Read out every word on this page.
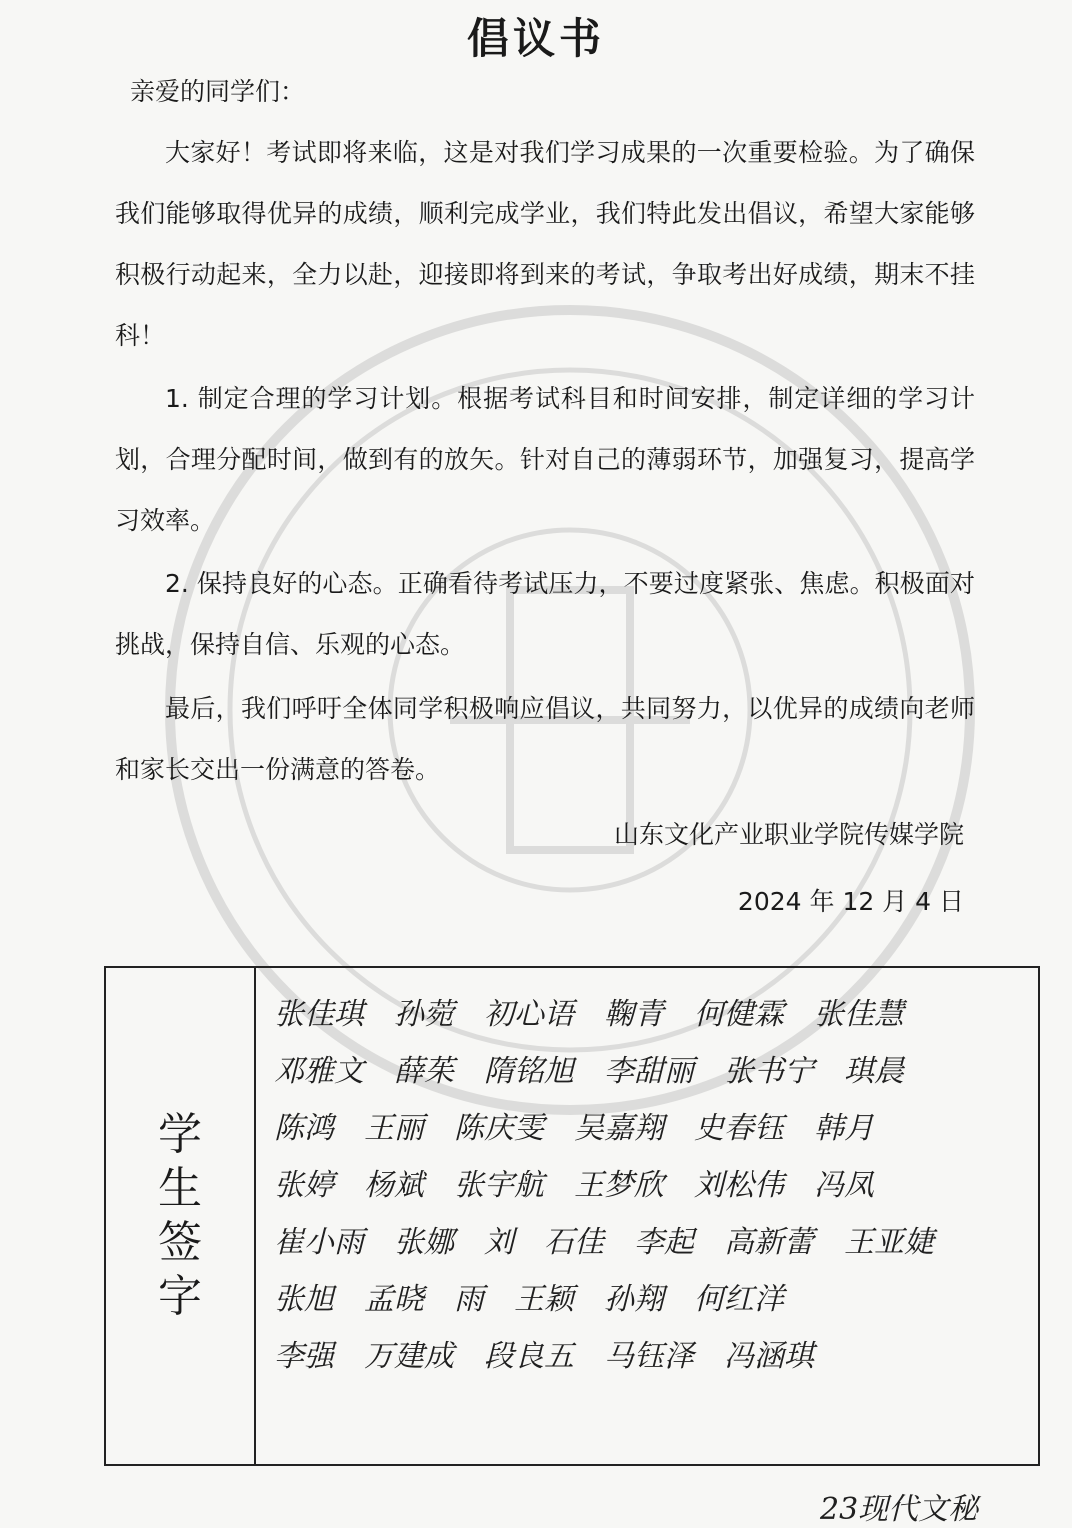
倡议书
亲爱的同学们：
大家好！考试即将来临，这是对我们学习成果的一次重要检验。为了确保我们能够取得优异的成绩，顺利完成学业，我们特此发出倡议，希望大家能够积极行动起来，全力以赴，迎接即将到来的考试，争取考出好成绩，期末不挂科！
1. 制定合理的学习计划。根据考试科目和时间安排，制定详细的学习计划，合理分配时间，做到有的放矢。针对自己的薄弱环节，加强复习，提高学习效率。
2. 保持良好的心态。正确看待考试压力，不要过度紧张、焦虑。积极面对挑战，保持自信、乐观的心态。
最后，我们呼吁全体同学积极响应倡议，共同努力，以优异的成绩向老师和家长交出一份满意的答卷。
山东文化产业职业学院传媒学院
2024 年 12 月 4 日
学生签字
张佳琪 孙菀 初心语 鞠青 何健霖 张佳慧
邓雅文 薛茱 隋铭旭 李甜丽 张书宁 琪晨
陈鸿 王丽 陈庆雯 吴嘉翔 史春钰 韩月
张婷 杨斌 张宇航 王梦欣 刘松伟 冯凤
崔小雨 张娜 刘 石佳 李起 高新蕾 王亚婕
张旭 孟晓 雨 王颖 孙翔 何红洋
李强 万建成 段良五 马钰泽 冯涵琪
23现代文秘
